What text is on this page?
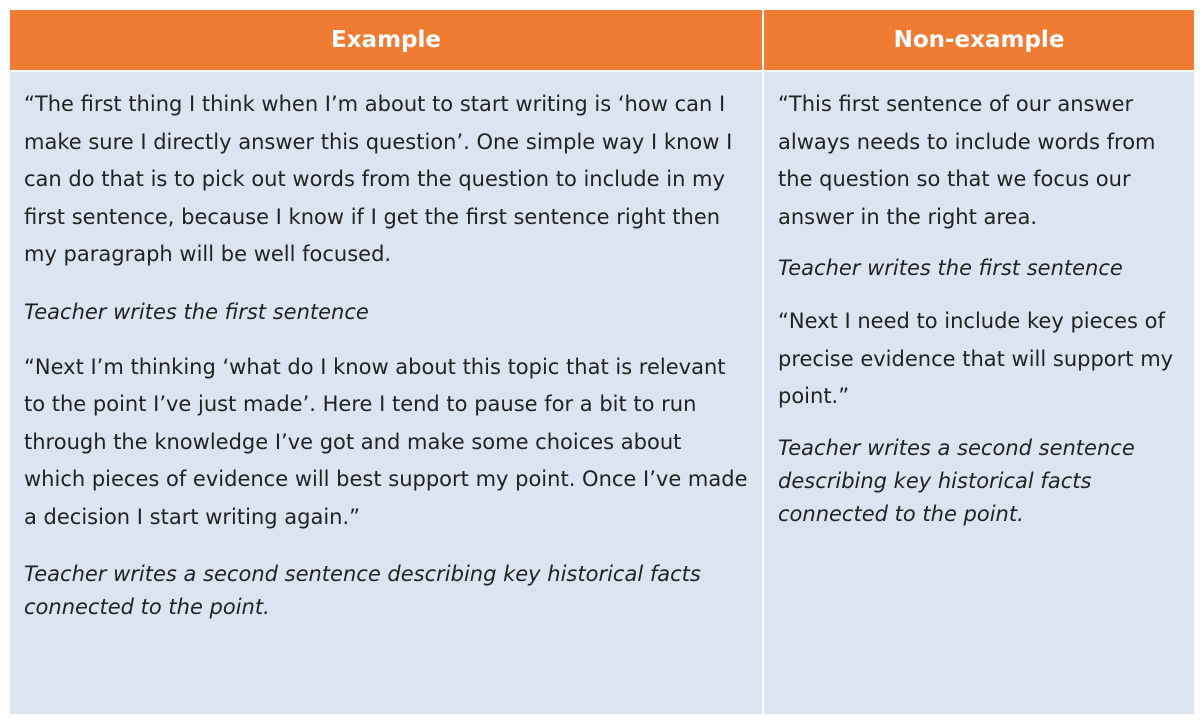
Example	Non-example

“The first thing I think when I’m about to start writing is ‘how can I make sure I directly answer this question’. One simple way I know I can do that is to pick out words from the question to include in my first sentence, because I know if I get the first sentence right then my paragraph will be well focused.

Teacher writes the first sentence

“Next I’m thinking ‘what do I know about this topic that is relevant to the point I’ve just made’. Here I tend to pause for a bit to run through the knowledge I’ve got and make some choices about which pieces of evidence will best support my point. Once I’ve made a decision I start writing again.”

Teacher writes a second sentence describing key historical facts connected to the point.

“This first sentence of our answer always needs to include words from the question so that we focus our answer in the right area.

Teacher writes the first sentence

“Next I need to include key pieces of precise evidence that will support my point.”

Teacher writes a second sentence describing key historical facts connected to the point.
